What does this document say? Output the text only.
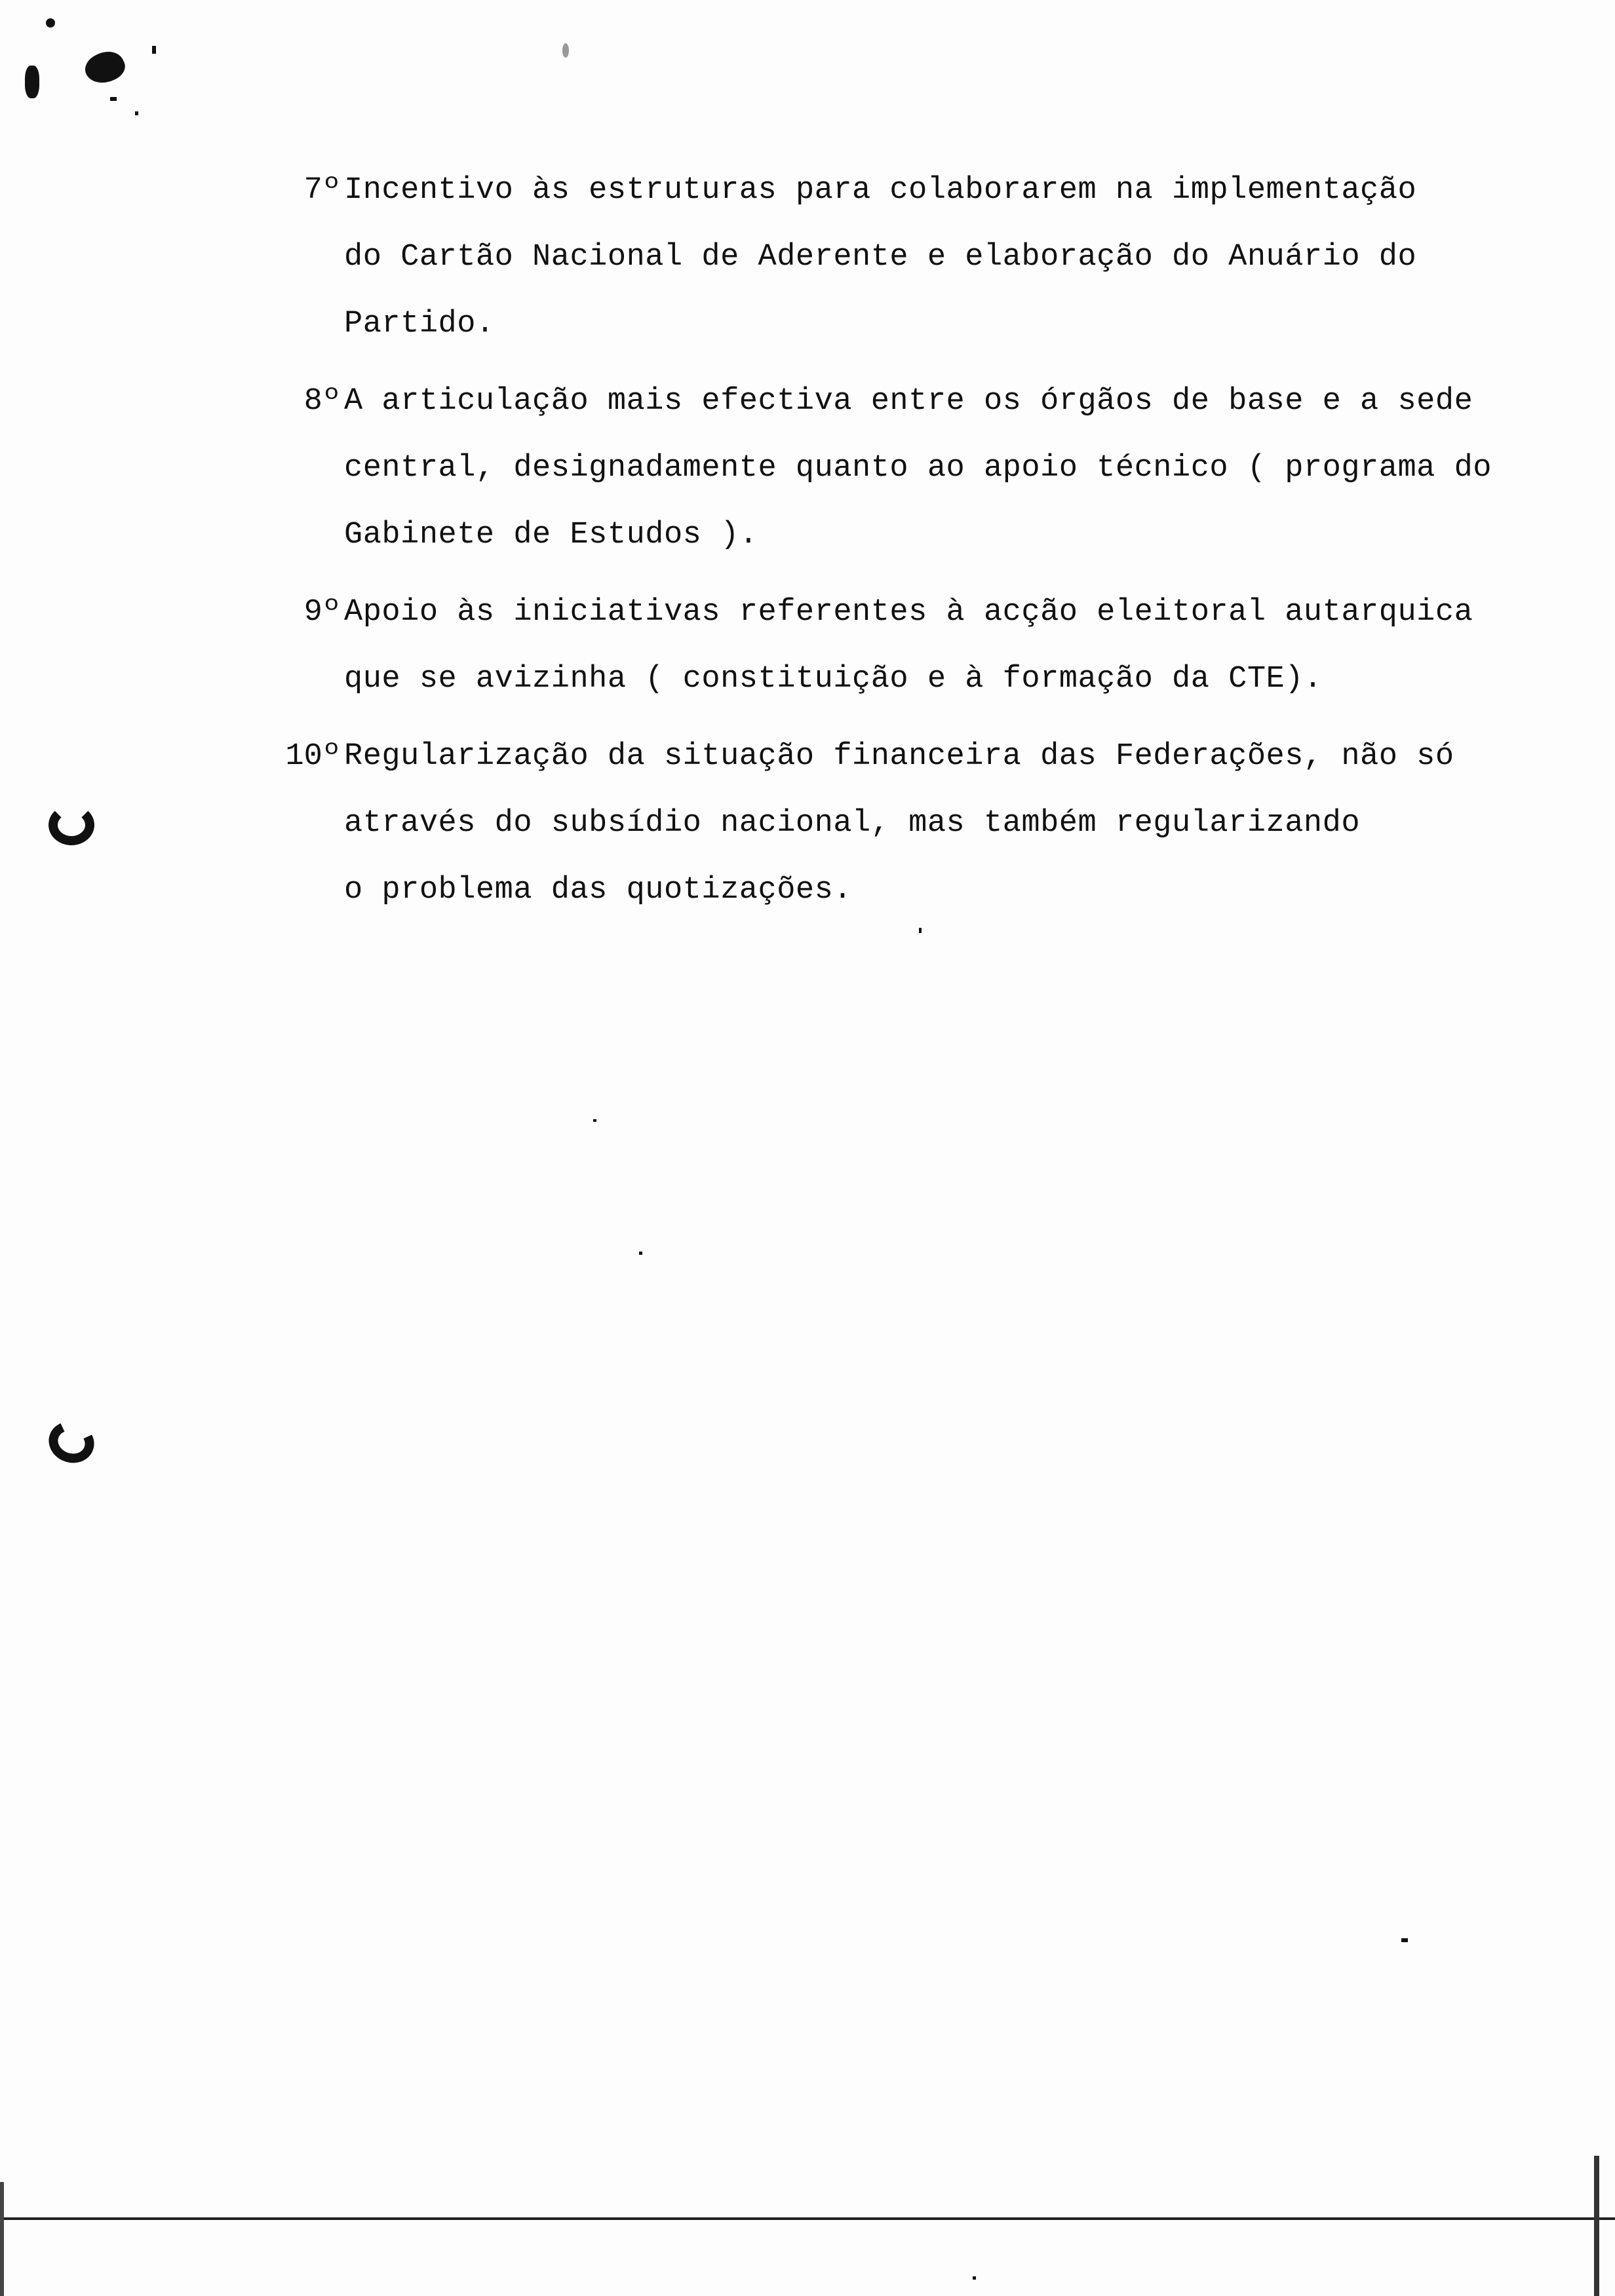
7º Incentivo às estruturas para colaborarem na implementação
do Cartão Nacional de Aderente e elaboração do Anuário do
Partido.
8º A articulação mais efectiva entre os órgãos de base e a sede
central, designadamente quanto ao apoio técnico ( programa do
Gabinete de Estudos ).
9º Apoio às iniciativas referentes à acção eleitoral autarquica
que se avizinha ( constituição e à formação da CTE).
10º Regularização da situação financeira das Federações, não só
através do subsídio nacional, mas também regularizando
o problema das quotizações.
